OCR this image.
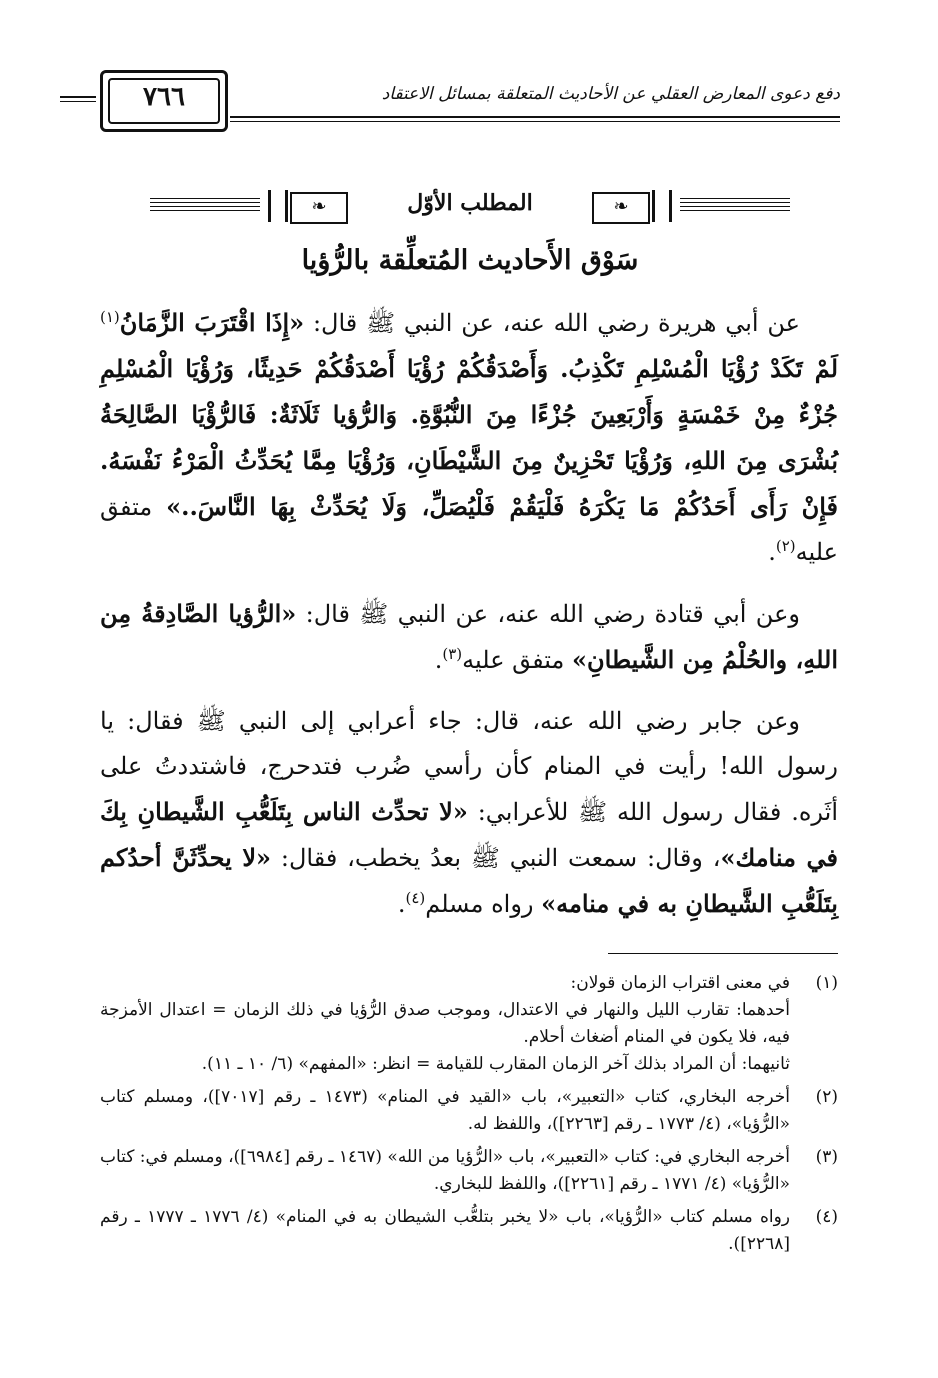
٧٦٦	دفع دعوى المعارض العقلي عن الأحاديث المتعلقة بمسائل الاعتقاد
❧	المطلب الأوّل	❧
سَوْق الأَحاديث المُتعلِّقة بالرُّؤيا

عن أبي هريرة رضي الله عنه، عن النبي ﷺ قال: «إِذَا اقْتَرَبَ الزَّمَانُ$^{(١)}$ لَمْ تَكَدْ رُؤْيَا الْمُسْلِمِ تَكْذِبُ. وَأَصْدَقُكُمْ رُؤْيَا أَصْدَقُكُمْ حَدِيثًا، وَرُؤْيَا الْمُسْلِمِ جُزْءٌ مِنْ خَمْسَةٍ وَأَرْبَعِينَ جُزْءًا مِنَ النُّبُوَّةِ. وَالرُّؤيا ثَلَاثَةٌ: فَالرُّؤْيَا الصَّالِحَةُ بُشْرَى مِنَ اللهِ، وَرُؤْيَا تَحْزِينٌ مِنَ الشَّيْطَانِ، وَرُؤْيَا مِمَّا يُحَدِّثُ الْمَرْءُ نَفْسَهُ. فَإِنْ رَأَى أَحَدُكُمْ مَا يَكْرَهُ فَلْيَقُمْ فَلْيُصَلِّ، وَلَا يُحَدِّثْ بِهَا النَّاسَ..» متفق عليه$^{(٢)}$.

وعن أبي قتادة رضي الله عنه، عن النبي ﷺ قال: «الرُّؤيا الصَّادِقةُ مِن اللهِ، والحُلْمُ مِن الشَّيطانِ» متفق عليه$^{(٣)}$.

وعن جابر رضي الله عنه، قال: جاء أعرابي إلى النبي ﷺ فقال: يا رسول الله! رأيت في المنام كأن رأسي ضُرب فتدحرج، فاشتددتُ على أثَره. فقال رسول الله ﷺ للأعرابي: «لا تحدِّث الناس بِتَلَعُّبِ الشَّيطانِ بِكَ في منامك»، وقال: سمعت النبي ﷺ بعدُ يخطب، فقال: «لا يحدِّثَنَّ أحدُكم بِتَلَعُّبِ الشَّيطانِ به في منامه» رواه مسلم$^{(٤)}$.

(١)
في معنى اقتراب الزمان قولان:
أحدهما: تقارب الليل والنهار في الاعتدال، وموجب صدق الرُّؤيا في ذلك الزمان = اعتدال الأمزجة فيه، فلا يكون في المنام أضغاث أحلام.
ثانيهما: أن المراد بذلك آخر الزمان المقارب للقيامة = انظر: «المفهم» (٦/ ١٠ ـ ١١).
(٢)
أخرجه البخاري، كتاب «التعبير»، باب «القيد في المنام» (١٤٧٣ ـ رقم [٧٠١٧])، ومسلم كتاب «الرُّؤيا»، (٤/ ١٧٧٣ ـ رقم [٢٢٦٣])، واللفظ له.
(٣)
أخرجه البخاري في: كتاب «التعبير»، باب «الرُّؤيا من الله» (١٤٦٧ ـ رقم [٦٩٨٤])، ومسلم في: كتاب «الرُّؤيا» (٤/ ١٧٧١ ـ رقم [٢٢٦١])، واللفظ للبخاري.
(٤)
رواه مسلم كتاب «الرُّؤيا»، باب «لا يخبر بتلعُّب الشيطان به في المنام» (٤/ ١٧٧٦ ـ ١٧٧٧ ـ رقم [٢٢٦٨]).
